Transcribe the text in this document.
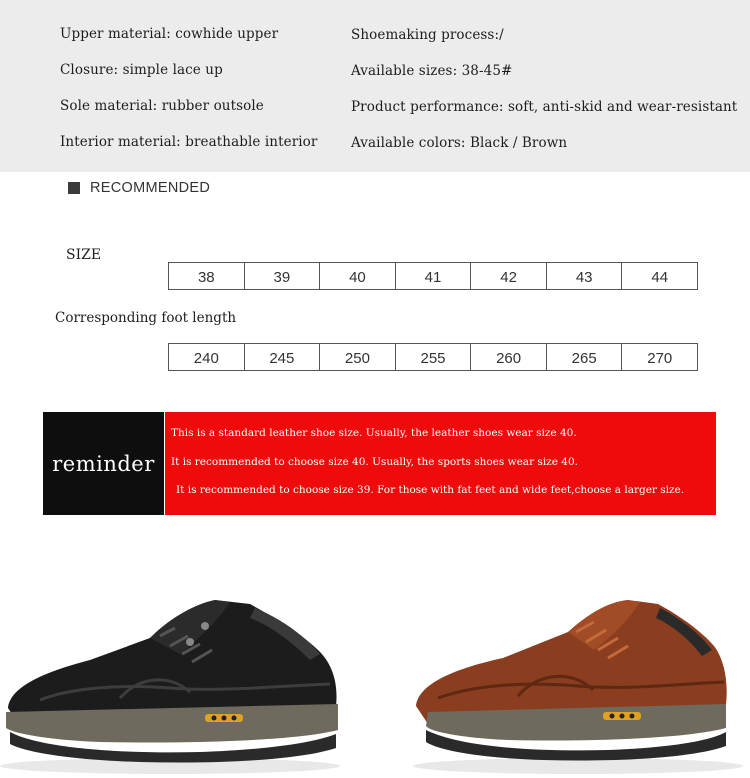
Upper material: cowhide upper
Closure: simple lace up
Sole material: rubber outsole
Interior material: breathable interior
Shoemaking process:/
Available sizes: 38-45#
Product performance: soft, anti-skid and wear-resistant
Available colors: Black / Brown
RECOMMENDED
SIZE
38	39	40	41	42	43	44
Corresponding foot length
240	245	250	255	260	265	270
reminder
This is a standard leather shoe size. Usually, the leather shoes wear size 40.
It is recommended to choose size 40. Usually, the sports shoes wear size 40.
It is recommended to choose size 39. For those with fat feet and wide feet,choose a larger size.
